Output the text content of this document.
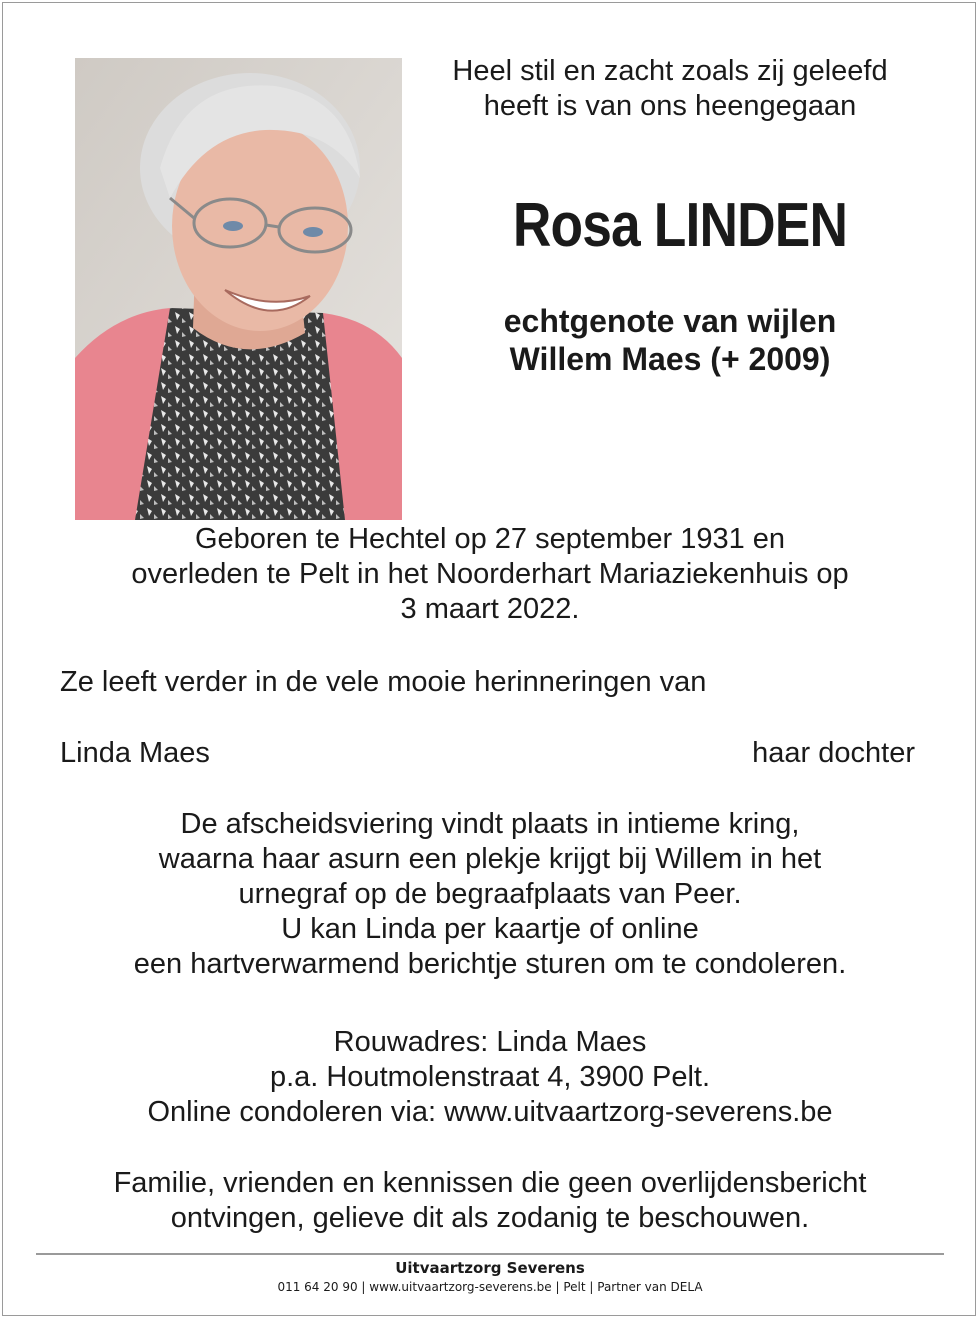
Heel stil en zacht zoals zij geleefd
heeft is van ons heengegaan
Rosa LINDEN
echtgenote van wijlen
Willem Maes (+ 2009)
Geboren te Hechtel op 27 september 1931 en
overleden te Pelt in het Noorderhart Mariaziekenhuis op
3 maart 2022.
Ze leeft verder in de vele mooie herinneringen van
Linda Maes	haar dochter
De afscheidsviering vindt plaats in intieme kring,
waarna haar asurn een plekje krijgt bij Willem in het
urnegraf op de begraafplaats van Peer.
U kan Linda per kaartje of online
een hartverwarmend berichtje sturen om te condoleren.
Rouwadres: Linda Maes
p.a. Houtmolenstraat 4, 3900 Pelt.
Online condoleren via: www.uitvaartzorg-severens.be
Familie, vrienden en kennissen die geen overlijdensbericht
ontvingen, gelieve dit als zodanig te beschouwen.
Uitvaartzorg Severens
011 64 20 90 | www.uitvaartzorg-severens.be | Pelt | Partner van DELA
